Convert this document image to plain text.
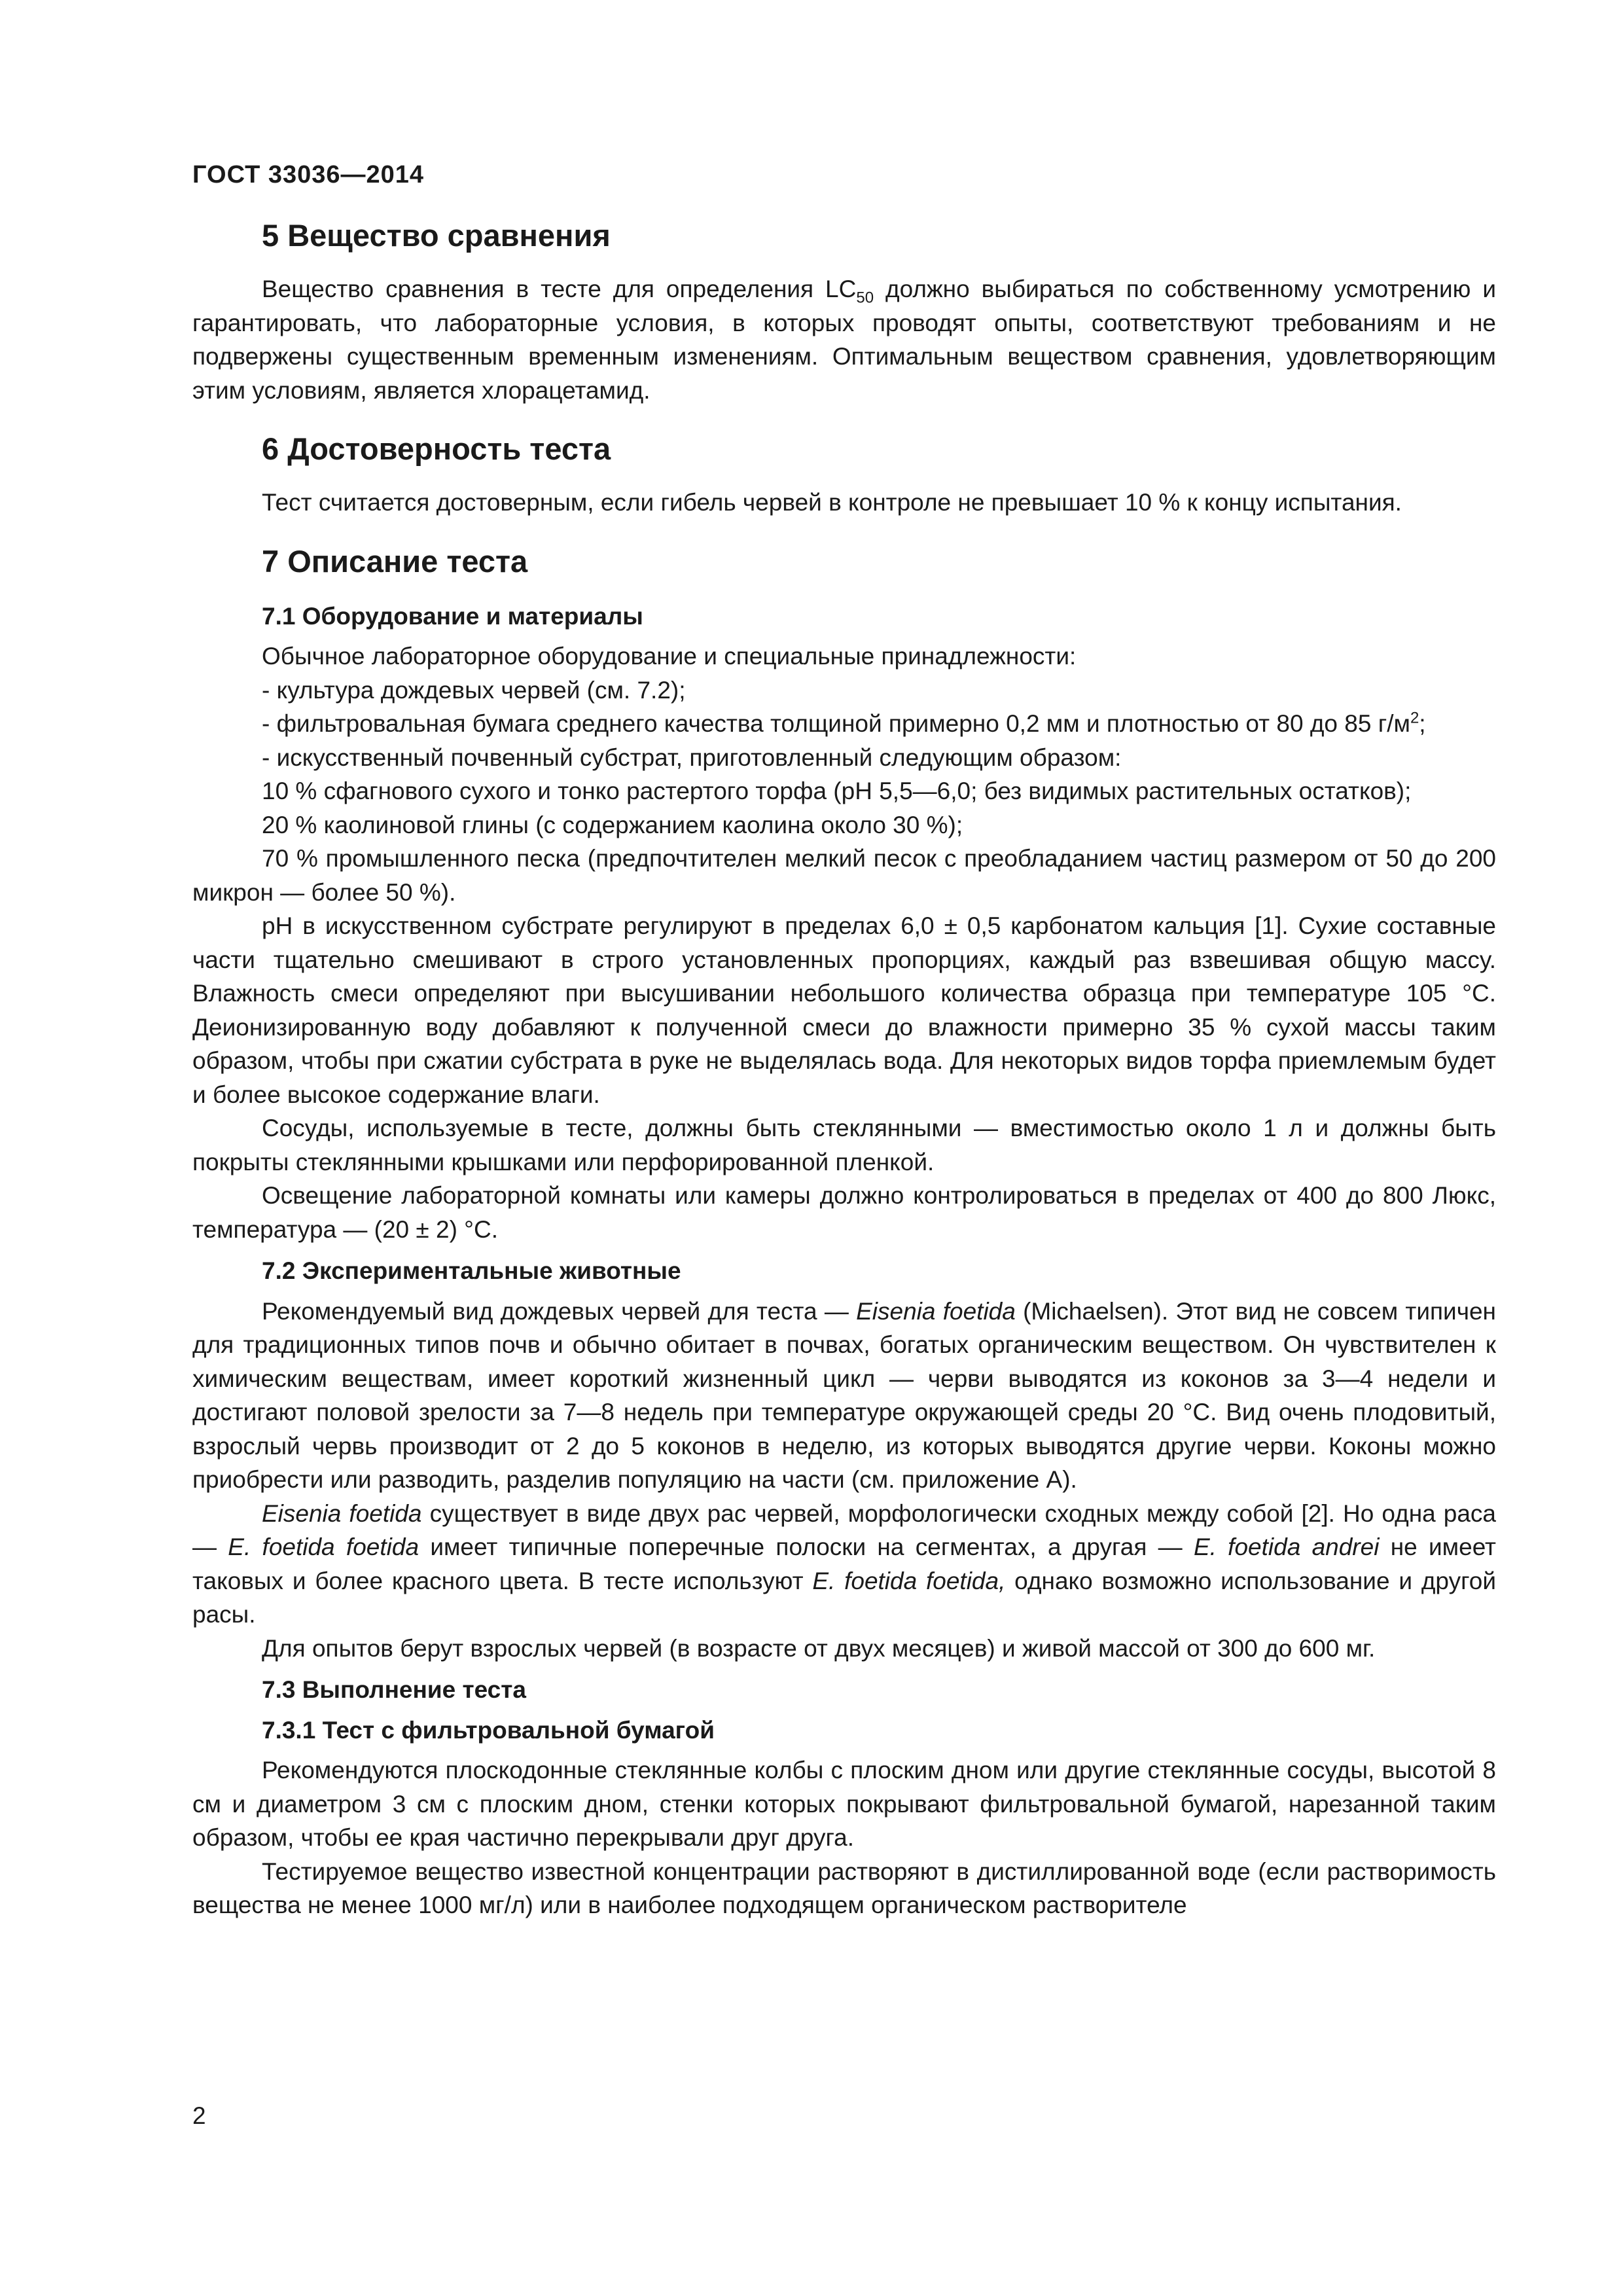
ГОСТ 33036—2014
5 Вещество сравнения

Вещество сравнения в тесте для определения $LC_{50}$ должно выбираться по собственному усмотрению и гарантировать, что лабораторные условия, в которых проводят опыты, соответствуют требованиям и не подвержены существенным временным изменениям. Оптимальным веществом сравнения, удовлетворяющим этим условиям, является хлорацетамид.

6 Достоверность теста

Тест считается достоверным, если гибель червей в контроле не превышает 10 % к концу испытания.

7 Описание теста
7.1 Оборудование и материалы

Обычное лабораторное оборудование и специальные принадлежности:

- культура дождевых червей (см. 7.2);

- фильтровальная бумага среднего качества толщиной примерно 0,2 мм и плотностью от 80 до 85 $г/м^2$;

- искусственный почвенный субстрат, приготовленный следующим образом:

10 % сфагнового сухого и тонко растертого торфа (pH 5,5—6,0; без видимых растительных остатков);

20 % каолиновой глины (с содержанием каолина около 30 %);

70 % промышленного песка (предпочтителен мелкий песок с преобладанием частиц размером от 50 до 200 микрон — более 50 %).

pH в искусственном субстрате регулируют в пределах 6,0 ± 0,5 карбонатом кальция [1]. Сухие составные части тщательно смешивают в строго установленных пропорциях, каждый раз взвешивая общую массу. Влажность смеси определяют при высушивании небольшого количества образца при температуре 105 °C. Деионизированную воду добавляют к полученной смеси до влажности примерно 35 % сухой массы таким образом, чтобы при сжатии субстрата в руке не выделялась вода. Для некоторых видов торфа приемлемым будет и более высокое содержание влаги.

Сосуды, используемые в тесте, должны быть стеклянными — вместимостью около 1 л и должны быть покрыты стеклянными крышками или перфорированной пленкой.

Освещение лабораторной комнаты или камеры должно контролироваться в пределах от 400 до 800 Люкс, температура — (20 ± 2) °C.

7.2 Экспериментальные животные

Рекомендуемый вид дождевых червей для теста — Eisenia foetida (Michaelsen). Этот вид не совсем типичен для традиционных типов почв и обычно обитает в почвах, богатых органическим веществом. Он чувствителен к химическим веществам, имеет короткий жизненный цикл — черви выводятся из коконов за 3—4 недели и достигают половой зрелости за 7—8 недель при температуре окружающей среды 20 °C. Вид очень плодовитый, взрослый червь производит от 2 до 5 коконов в неделю, из которых выводятся другие черви. Коконы можно приобрести или разводить, разделив популяцию на части (см. приложение А).

Eisenia foetida существует в виде двух рас червей, морфологически сходных между собой [2]. Но одна раса — E. foetida foetida имеет типичные поперечные полоски на сегментах, а другая — E. foetida andrei не имеет таковых и более красного цвета. В тесте используют E. foetida foetida, однако возможно использование и другой расы.

Для опытов берут взрослых червей (в возрасте от двух месяцев) и живой массой от 300 до 600 мг.

7.3 Выполнение теста
7.3.1 Тест с фильтровальной бумагой

Рекомендуются плоскодонные стеклянные колбы с плоским дном или другие стеклянные сосуды, высотой 8 см и диаметром 3 см с плоским дном, стенки которых покрывают фильтровальной бумагой, нарезанной таким образом, чтобы ее края частично перекрывали друг друга.

Тестируемое вещество известной концентрации растворяют в дистиллированной воде (если растворимость вещества не менее 1000 мг/л) или в наиболее подходящем органическом растворителе

2
